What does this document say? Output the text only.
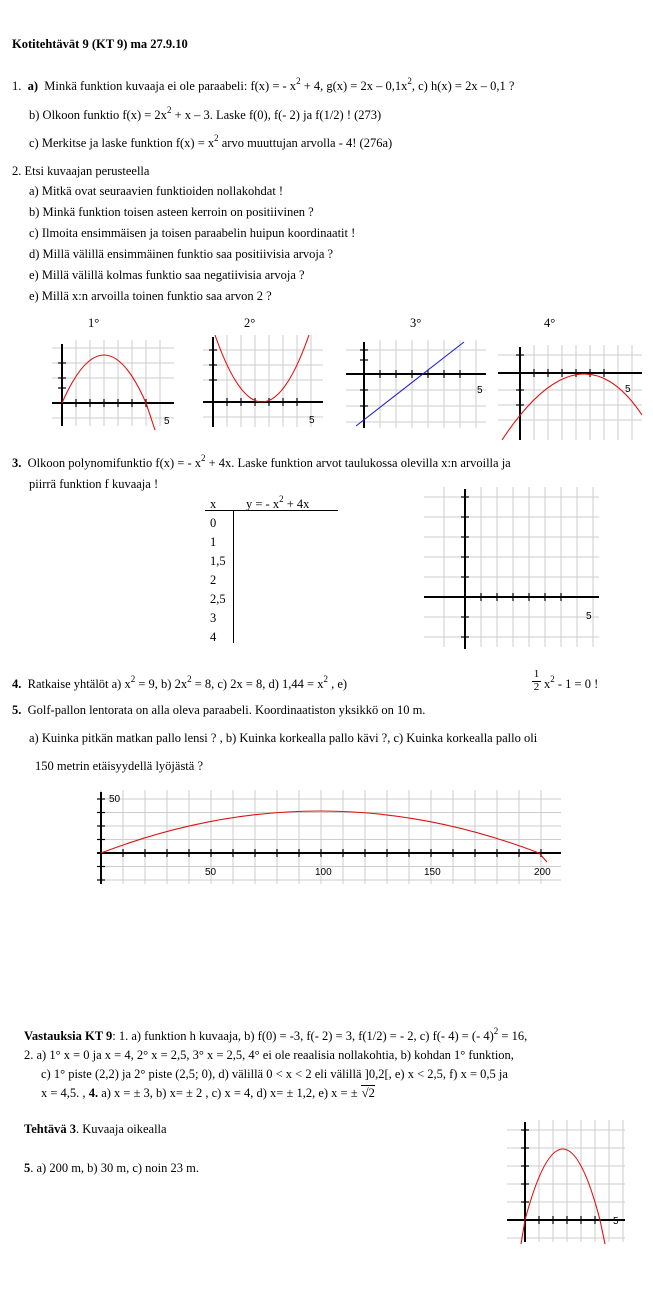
Kotitehtävät 9 (KT 9) ma 27.9.10
1. a) Minkä funktion kuvaaja ei ole paraabeli: f(x) = - $x^2 + 4$, $g(x) = 2x - 0,1x^2$, c) h(x) = 2x – 0,1 ?
b) Olkoon funktio $f(x) = 2x^2 + x - 3$. Laske f(0), f(- 2) ja f(1/2) ! (273)
c) Merkitse ja laske funktion $f(x) = x^2$ arvo muuttujan arvolla - 4! (276a)
2. Etsi kuvaajan perusteella
a) Mitkä ovat seuraavien funktioiden nollakohdat !
b) Minkä funktion toisen asteen kerroin on positiivinen ?
c) Ilmoita ensimmäisen ja toisen paraabelin huipun koordinaatit !
d) Millä välillä ensimmäinen funktio saa positiivisia arvoja ?
e) Millä välillä kolmas funktio saa negatiivisia arvoja ?
e) Millä x:n arvoilla toinen funktio saa arvon 2 ?
1°	2°	3°	4°
5	5
5	5
3. Olkoon polynomifunktio f(x) = - $x^2 + 4x$. Laske funktion arvot taulukossa olevilla x:n arvoilla ja
piirrä funktion f kuvaaja !
x y = - $x^2 + 4x$
0
1
1,5
2
2,5
3
4
5
4. Ratkaise yhtälöt a) $x^2 = 9$, b) $2x^2 = 8$, c) 2x = 8, d) $1,44 = x^2$ , e)
1
2 $x^2 - 1 = 0$ !
5. Golf-pallon lentorata on alla oleva paraabeli. Koordinaatiston yksikkö on 10 m.
a) Kuinka pitkän matkan pallo lensi ? , b) Kuinka korkealla pallo kävi ?, c) Kuinka korkealla pallo oli
150 metrin etäisyydellä lyöjästä ?
50
50	100	150	200
Vastauksia KT 9: 1. a) funktion h kuvaaja, b) f(0) = -3, f(- 2) = 3, f(1/2) = - 2, c) f(- 4) = (- 4)$^2$ = 16,
2. a) 1° x = 0 ja x = 4, 2° x = 2,5, 3° x = 2,5, 4° ei ole reaalisia nollakohtia, b) kohdan 1° funktion,
c) 1° piste (2,2) ja 2° piste (2,5; 0), d) välillä 0 < x < 2 eli välillä ]0,2[, e) x < 2,5, f) x = 0,5 ja
x = 4,5. , 4. a) x = ± 3, b) x= ± 2 , c) x = 4, d) x= ± 1,2, e) x = ± √2
Tehtävä 3. Kuvaaja oikealla
5. a) 200 m, b) 30 m, c) noin 23 m.
5
